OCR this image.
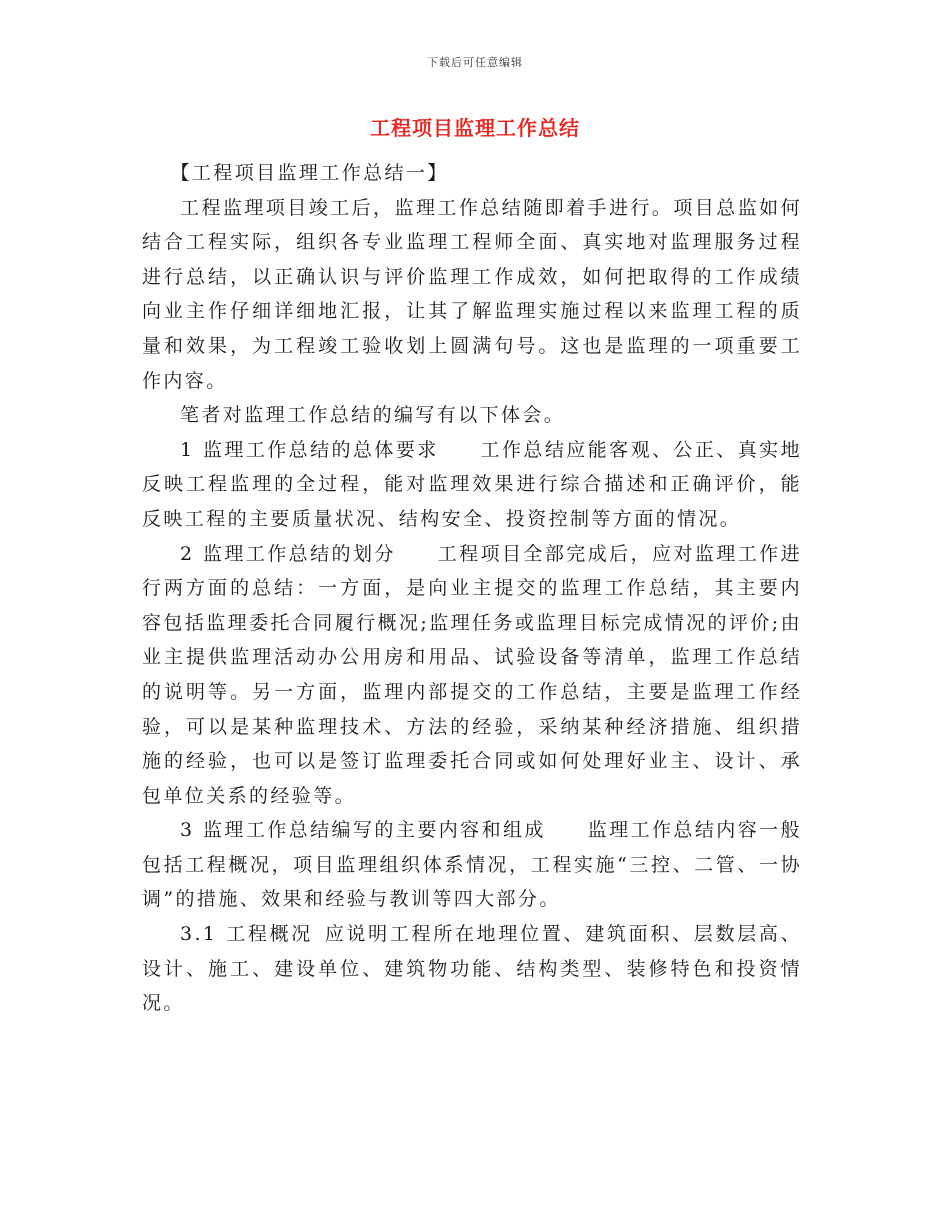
下载后可任意编辑
工程项目监理工作总结

【工程项目监理工作总结一】

工程监理项目竣工后，监理工作总结随即着手进行。项目总监如何结合工程实际，组织各专业监理工程师全面、真实地对监理服务过程进行总结，以正确认识与评价监理工作成效，如何把取得的工作成绩向业主作仔细详细地汇报，让其了解监理实施过程以来监理工程的质量和效果，为工程竣工验收划上圆满句号。这也是监理的一项重要工作内容。

笔者对监理工作总结的编写有以下体会。

1 监理工作总结的总体要求 工作总结应能客观、公正、真实地反映工程监理的全过程，能对监理效果进行综合描述和正确评价，能反映工程的主要质量状况、结构安全、投资控制等方面的情况。

2 监理工作总结的划分 工程项目全部完成后，应对监理工作进行两方面的总结：一方面，是向业主提交的监理工作总结，其主要内容包括监理委托合同履行概况;监理任务或监理目标完成情况的评价;由业主提供监理活动办公用房和用品、试验设备等清单，监理工作总结的说明等。另一方面，监理内部提交的工作总结，主要是监理工作经验，可以是某种监理技术、方法的经验，采纳某种经济措施、组织措施的经验，也可以是签订监理委托合同或如何处理好业主、设计、承包单位关系的经验等。

3 监理工作总结编写的主要内容和组成 监理工作总结内容一般包括工程概况，项目监理组织体系情况，工程实施“三控、二管、一协调”的措施、效果和经验与教训等四大部分。

3.1 工程概况 应说明工程所在地理位置、建筑面积、层数层高、设计、施工、建设单位、建筑物功能、结构类型、装修特色和投资情况。
